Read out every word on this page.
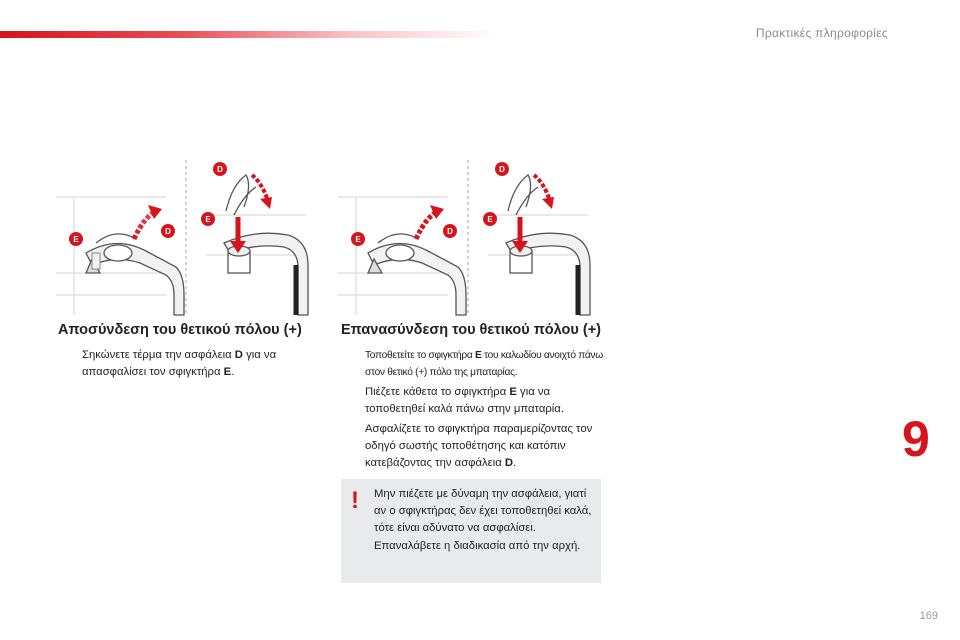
Πρακτικές πληροφορίες
E
D
D
E
E
D
D
E
Αποσύνδεση του θετικού πόλου (+)	Επανασύνδεση του θετικού πόλου (+)
Σηκώνετε τέρμα την ασφάλεια D για να απασφαλίσει τον σφιγκτήρα E.
Τοποθετείτε το σφιγκτήρα E του καλωδίου ανοιχτό πάνω στον θετικό (+) πόλο της μπαταρίας.
Πιέζετε κάθετα το σφιγκτήρα E για να τοποθετηθεί καλά πάνω στην μπαταρία.
Ασφαλίζετε το σφιγκτήρα παραμερίζοντας τον οδηγό σωστής τοποθέτησης και κατόπιν κατεβάζοντας την ασφάλεια D.
! Μην πιέζετε με δύναμη την ασφάλεια, γιατί αν ο σφιγκτήρας δεν έχει τοποθετηθεί καλά, τότε είναι αδύνατο να ασφαλίσει. Επαναλάβετε η διαδικασία από την αρχή.
9
169
